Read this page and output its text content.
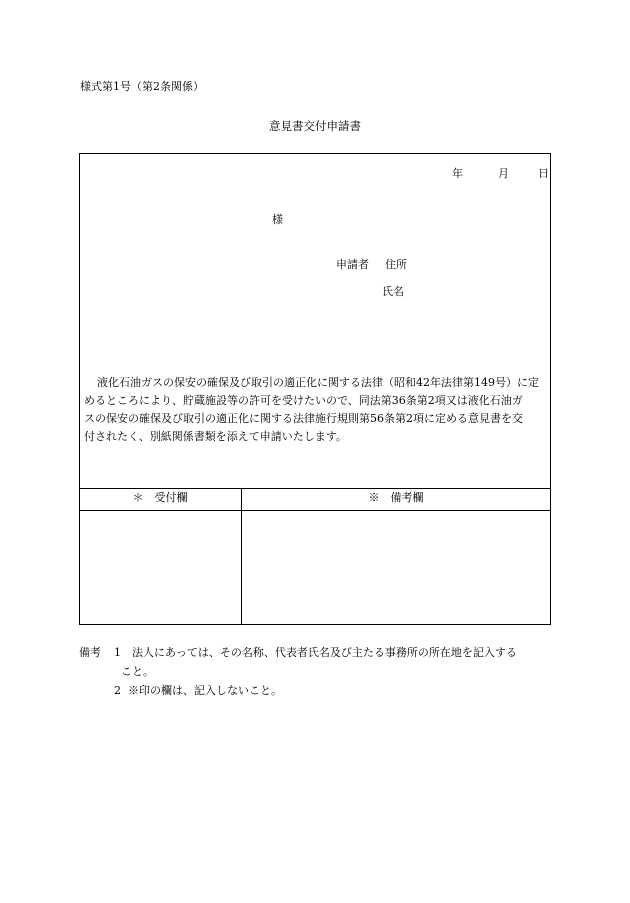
様式第1号（第2条関係）
意見書交付申請書
年	月	日
様
申請者 住所
氏名
液化石油ガスの保安の確保及び取引の適正化に関する法律（昭和42年法律第149号）に定
めるところにより、貯蔵施設等の許可を受けたいので、同法第36条第2項又は液化石油ガ
スの保安の確保及び取引の適正化に関する法律施行規則第56条第2項に定める意見書を交
付されたく、別紙関係書類を添えて申請いたします。
＊　受付欄	※　備考欄
備考 1 法人にあっては、その名称、代表者氏名及び主たる事務所の所在地を記入する
こと。
2 ※印の欄は、記入しないこと。
